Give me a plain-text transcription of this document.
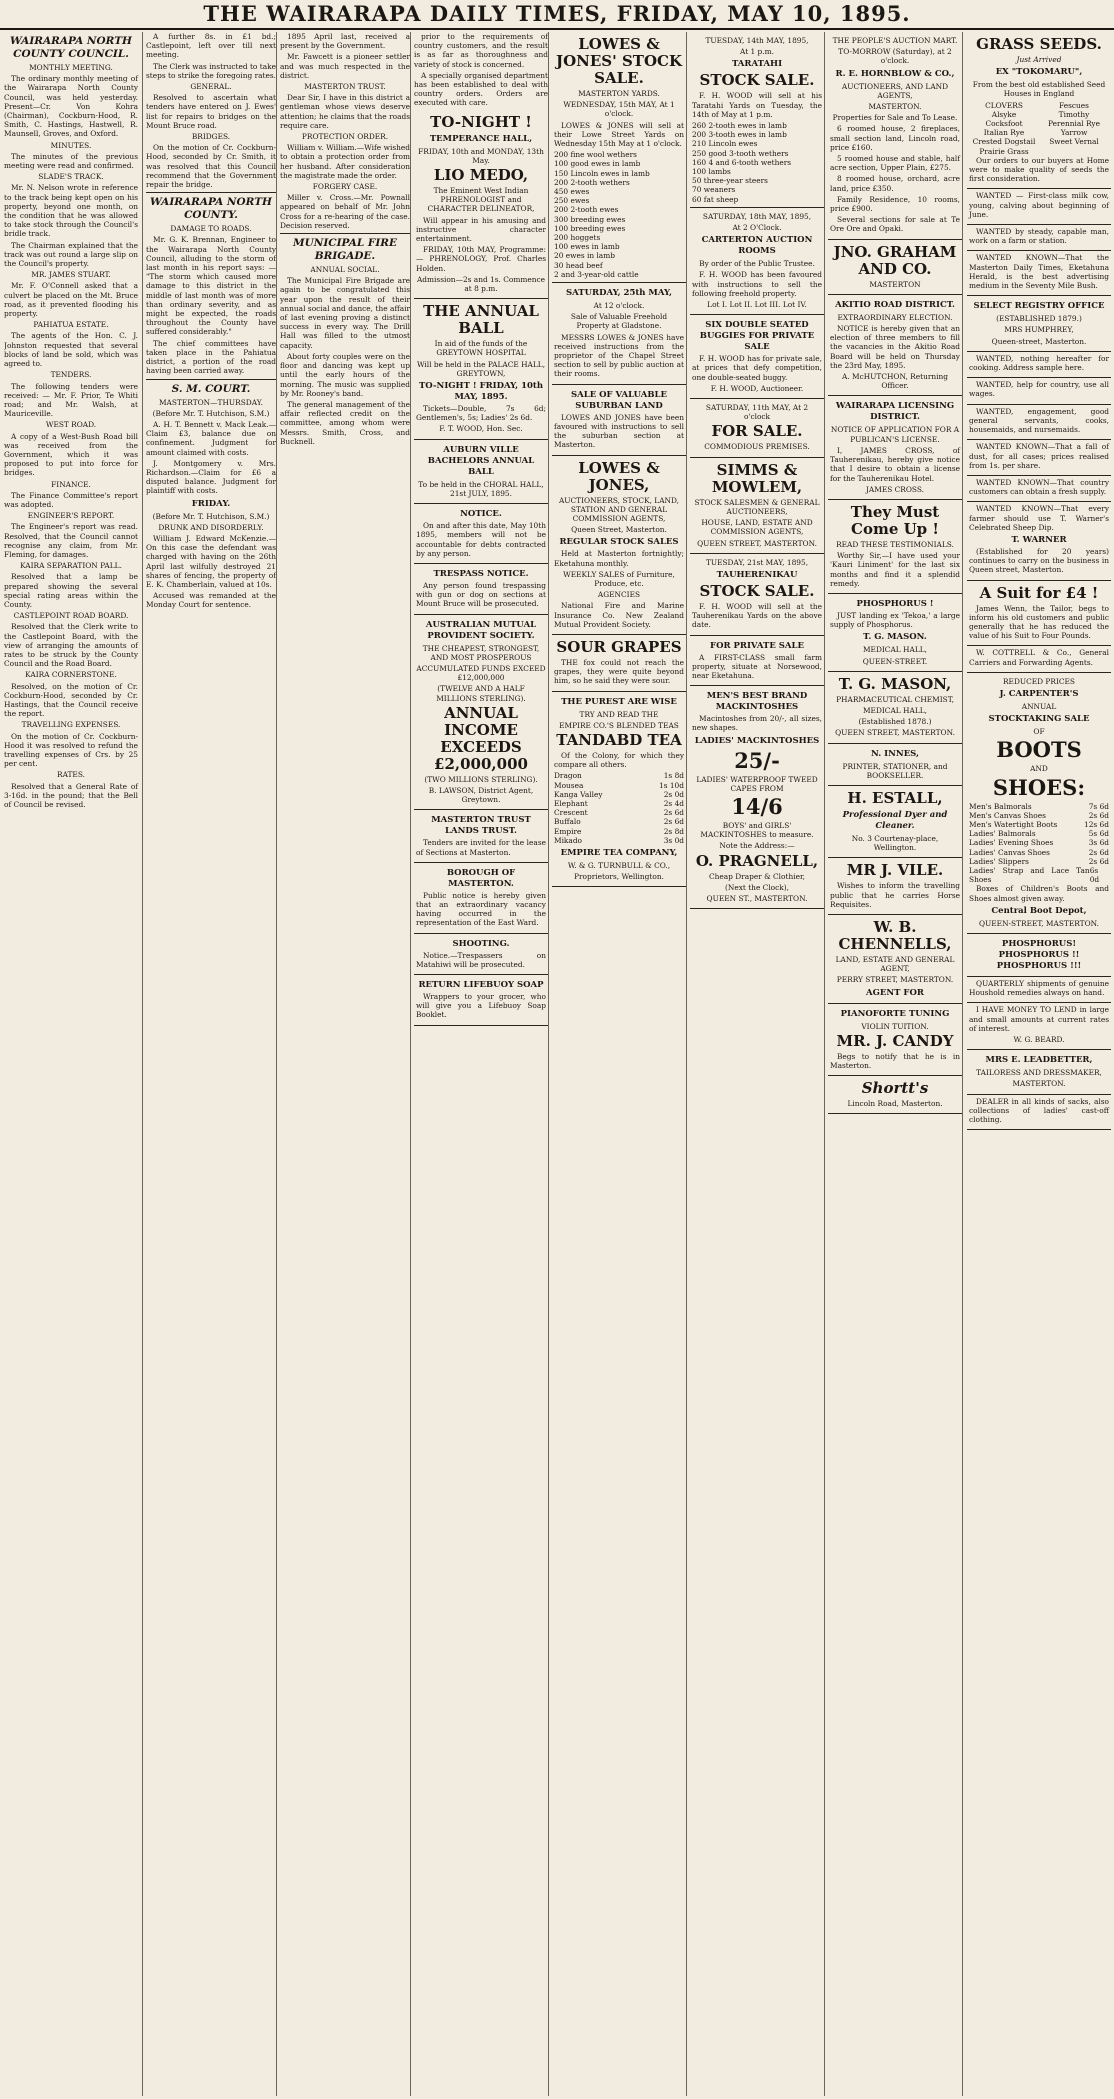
THE WAIRARAPA DAILY TIMES, FRIDAY, MAY 10, 1895.
WAIRARAPA NORTH COUNTY COUNCIL.
MONTHLY MEETING.

The ordinary monthly meeting of the Wairarapa North County Council, was held yesterday. Present—Cr. Von Kohra (Chairman), Cockburn-Hood, R. Smith, C. Hastings, Hastwell, R. Maunsell, Groves, and Oxford.

MINUTES.

The minutes of the previous meeting were read and confirmed.

SLADE'S TRACK.

Mr. N. Nelson wrote in reference to the track being kept open on his property, beyond one month, on the condition that he was allowed to take stock through the Council's bridle track.

The Chairman explained that the track was out round a large slip on the Council's property.

MR. JAMES STUART.

Mr. F. O'Connell asked that a culvert be placed on the Mt. Bruce road, as it prevented flooding his property.

PAHIATUA ESTATE.

The agents of the Hon. C. J. Johnston requested that several blocks of land be sold, which was agreed to.

TENDERS.

The following tenders were received: — Mr. F. Prior, Te Whiti road; and Mr. Walsh, at Mauriceville.

WEST ROAD.

A copy of a West-Bush Road bill was received from the Government, which it was proposed to put into force for bridges.

FINANCE.

The Finance Committee's report was adopted.

ENGINEER'S REPORT.

The Engineer's report was read. Resolved, that the Council cannot recognise any claim, from Mr. Fleming, for damages.

KAIRA SEPARATION PALL.

Resolved that a lamp be prepared showing the several special rating areas within the County.

CASTLEPOINT ROAD BOARD.

Resolved that the Clerk write to the Castlepoint Board, with the view of arranging the amounts of rates to be struck by the County Council and the Road Board.

KAIRA CORNERSTONE.

Resolved, on the motion of Cr. Cockburn-Hood, seconded by Cr. Hastings, that the Council receive the report.

TRAVELLING EXPENSES.

On the motion of Cr. Cockburn-Hood it was resolved to refund the travelling expenses of Crs. by 25 per cent.

RATES.

Resolved that a General Rate of 3-16d. in the pound; that the Bell of Council be revised.

A further 8s. in £1 bd.; Castlepoint, left over till next meeting.

The Clerk was instructed to take steps to strike the foregoing rates.

GENERAL.

Resolved to ascertain what tenders have entered on J. Ewes' list for repairs to bridges on the Mount Bruce road.

BRIDGES.

On the motion of Cr. Cockburn-Hood, seconded by Cr. Smith, it was resolved that this Council recommend that the Government repair the bridge.

WAIRARAPA NORTH COUNTY.
DAMAGE TO ROADS.

Mr. G. K. Brennan, Engineer to the Wairarapa North County Council, alluding to the storm of last month in his report says: — "The storm which caused more damage to this district in the middle of last month was of more than ordinary severity, and as might be expected, the roads throughout the County have suffered considerably."

The chief committees have taken place in the Pahiatua district, a portion of the road having been carried away.

S. M. COURT.
MASTERTON—THURSDAY.
(Before Mr. T. Hutchison, S.M.)

A. H. T. Bennett v. Mack Leak.—Claim £3, balance due on confinement. Judgment for amount claimed with costs.

J. Montgomery v. Mrs. Richardson.—Claim for £6 a disputed balance. Judgment for plaintiff with costs.

FRIDAY.
(Before Mr. T. Hutchison, S.M.)
DRUNK AND DISORDERLY.

William J. Edward McKenzie.—On this case the defendant was charged with having on the 26th April last wilfully destroyed 21 shares of fencing, the property of E. K. Chamberlain, valued at 10s.

Accused was remanded at the Monday Court for sentence.

1895 April last, received a present by the Government.

Mr. Fawcett is a pioneer settler and was much respected in the district.

MASTERTON TRUST.

Dear Sir, I have in this district a gentleman whose views deserve attention; he claims that the roads require care.

PROTECTION ORDER.

William v. William.—Wife wished to obtain a protection order from her husband. After consideration the magistrate made the order.

FORGERY CASE.

Miller v. Cross.—Mr. Pownall appeared on behalf of Mr. John Cross for a re-hearing of the case. Decision reserved.

MUNICIPAL FIRE BRIGADE.
ANNUAL SOCIAL.

The Municipal Fire Brigade are again to be congratulated this year upon the result of their annual social and dance, the affair of last evening proving a distinct success in every way. The Drill Hall was filled to the utmost capacity.

About forty couples were on the floor and dancing was kept up until the early hours of the morning. The music was supplied by Mr. Rooney's band.

The general management of the affair reflected credit on the committee, among whom were Messrs. Smith, Cross, and Bucknell.

prior to the requirements of country customers, and the result is as far as thoroughness and variety of stock is concerned.

A specially organised department has been established to deal with country orders. Orders are executed with care.

TO-NIGHT !
TEMPERANCE HALL,
FRIDAY, 10th and MONDAY, 13th May.
LIO MEDO,
The Eminent West Indian PHRENOLOGIST and CHARACTER DELINEATOR,

Will appear in his amusing and instructive character entertainment.

FRIDAY, 10th MAY, Programme: — PHRENOLOGY, Prof. Charles Holden.

Admission—2s and 1s. Commence at 8 p.m.
THE ANNUAL BALL
In aid of the funds of the GREYTOWN HOSPITAL
Will be held in the PALACE HALL, GREYTOWN,
TO-NIGHT ! FRIDAY, 10th MAY, 1895.

Tickets—Double, 7s 6d; Gentlemen's, 5s; Ladies' 2s 6d.

F. T. WOOD, Hon. Sec.
AUBURN VILLE BACHELORS ANNUAL BALL
To be held in the CHORAL HALL, 21st JULY, 1895.
NOTICE.

On and after this date, May 10th 1895, members will not be accountable for debts contracted by any person.

TRESPASS NOTICE.

Any person found trespassing with gun or dog on sections at Mount Bruce will be prosecuted.

AUSTRALIAN MUTUAL PROVIDENT SOCIETY.
THE CHEAPEST, STRONGEST, AND MOST PROSPEROUS
ACCUMULATED FUNDS EXCEED £12,000,000
(TWELVE AND A HALF MILLIONS STERLING).
ANNUAL INCOME EXCEEDS £2,000,000
(TWO MILLIONS STERLING).
B. LAWSON, District Agent, Greytown.
MASTERTON TRUST LANDS TRUST.

Tenders are invited for the lease of Sections at Masterton.

BOROUGH OF MASTERTON.

Public notice is hereby given that an extraordinary vacancy having occurred in the representation of the East Ward.

SHOOTING.

Notice.—Trespassers on Matahiwi will be prosecuted.

RETURN LIFEBUOY SOAP

Wrappers to your grocer, who will give you a Lifebuoy Soap Booklet.

LOWES & JONES' STOCK SALE.
MASTERTON YARDS.
WEDNESDAY, 15th MAY, At 1 o'clock.

LOWES & JONES will sell at their Lowe Street Yards on Wednesday 15th May at 1 o'clock.

200 fine wool wethers
100 good ewes in lamb
150 Lincoln ewes in lamb
200 2-tooth wethers
450 ewes
250 ewes
200 2-tooth ewes
300 breeding ewes
100 breeding ewes
200 hoggets
100 ewes in lamb
20 ewes in lamb
30 head beef
2 and 3-year-old cattle
SATURDAY, 25th MAY,
At 12 o'clock.
Sale of Valuable Freehold Property at Gladstone.

MESSRS LOWES & JONES have received instructions from the proprietor of the Chapel Street section to sell by public auction at their rooms.

SALE OF VALUABLE SUBURBAN LAND

LOWES AND JONES have been favoured with instructions to sell the suburban section at Masterton.

LOWES & JONES,
AUCTIONEERS, STOCK, LAND, STATION AND GENERAL COMMISSION AGENTS,
Queen Street, Masterton.
REGULAR STOCK SALES

Held at Masterton fortnightly; Eketahuna monthly.

WEEKLY SALES of Furniture, Produce, etc.
AGENCIES

National Fire and Marine Insurance Co. New Zealand Mutual Provident Society.

SOUR GRAPES

THE fox could not reach the grapes, they were quite beyond him, so he said they were sour.

THE PUREST ARE WISE
TRY AND READ THE
EMPIRE CO.'S BLENDED TEAS
TANDABD TEA

Of the Colony, for which they compare all others.

Dragon	1s 8d
Mousea	1s 10d
Kanga Valley	2s 0d
Elephant	2s 4d
Crescent	2s 6d
Buffalo	2s 6d
Empire	2s 8d
Mikado	3s 0d
EMPIRE TEA COMPANY,
W. & G. TURNBULL & CO.,
Proprietors, Wellington.
TUESDAY, 14th MAY, 1895,
At 1 p.m.
TARATAHI
STOCK SALE.

F. H. WOOD will sell at his Taratahi Yards on Tuesday, the 14th of May at 1 p.m.

260 2-tooth ewes in lamb
200 3-tooth ewes in lamb
210 Lincoln ewes
250 good 3-tooth wethers
160 4 and 6-tooth wethers
100 lambs
50 three-year steers
70 weaners
60 fat sheep
SATURDAY, 18th MAY, 1895,
At 2 O'Clock.
CARTERTON AUCTION ROOMS
By order of the Public Trustee.

F. H. WOOD has been favoured with instructions to sell the following freehold property.

Lot I. Lot II. Lot III. Lot IV.
SIX DOUBLE SEATED BUGGIES FOR PRIVATE SALE

F. H. WOOD has for private sale, at prices that defy competition, one double-seated buggy.

F. H. WOOD, Auctioneer.
SATURDAY, 11th MAY, At 2 o'clock
FOR SALE.
COMMODIOUS PREMISES.
SIMMS & MOWLEM,
STOCK SALESMEN & GENERAL AUCTIONEERS,
HOUSE, LAND, ESTATE AND COMMISSION AGENTS,
QUEEN STREET, MASTERTON.
TUESDAY, 21st MAY, 1895,
TAUHERENIKAU
STOCK SALE.

F. H. WOOD will sell at the Tauherenikau Yards on the above date.

FOR PRIVATE SALE

A FIRST-CLASS small farm property, situate at Norsewood, near Eketahuna.

MEN'S BEST BRAND MACKINTOSHES

Macintoshes from 20/-, all sizes, new shapes.

LADIES' MACKINTOSHES
25/-
LADIES' WATERPROOF TWEED CAPES FROM
14/6
BOYS' and GIRLS' MACKINTOSHES to measure.
Note the Address:—
O. PRAGNELL,
Cheap Draper & Clothier,
(Next the Clock),
QUEEN ST., MASTERTON.
THE PEOPLE'S AUCTION MART.
TO-MORROW (Saturday), at 2 o'clock.
R. E. HORNBLOW & CO.,
AUCTIONEERS, AND LAND AGENTS,
MASTERTON.
Properties for Sale and To Lease.

6 roomed house, 2 fireplaces, small section land, Lincoln road, price £160.

5 roomed house and stable, half acre section, Upper Plain, £275.

8 roomed house, orchard, acre land, price £350.

Family Residence, 10 rooms, price £900.

Several sections for sale at Te Ore Ore and Opaki.

JNO. GRAHAM AND CO.
MASTERTON
AKITIO ROAD DISTRICT.
EXTRAORDINARY ELECTION.

NOTICE is hereby given that an election of three members to fill the vacancies in the Akitio Road Board will be held on Thursday the 23rd May, 1895.

A. McHUTCHON, Returning Officer.
WAIRARAPA LICENSING DISTRICT.
NOTICE OF APPLICATION FOR A PUBLICAN'S LICENSE.

I, JAMES CROSS, of Tauherenikau, hereby give notice that I desire to obtain a license for the Tauherenikau Hotel.

JAMES CROSS.
They Must Come Up !
READ THESE TESTIMONIALS.

Worthy Sir,—I have used your 'Kauri Liniment' for the last six months and find it a splendid remedy.

PHOSPHORUS !

JUST landing ex 'Tekoa,' a large supply of Phosphorus.

T. G. MASON.
MEDICAL HALL,
QUEEN-STREET.
T. G. MASON,
PHARMACEUTICAL CHEMIST,
MEDICAL HALL,
(Established 1878.)
QUEEN STREET, MASTERTON.
N. INNES,
PRINTER, STATIONER, and BOOKSELLER.
H. ESTALL,
Professional Dyer and Cleaner.
No. 3 Courtenay-place, Wellington.
MR J. VILE.

Wishes to inform the travelling public that he carries Horse Requisites.

W. B. CHENNELLS,
LAND, ESTATE AND GENERAL AGENT,
PERRY STREET, MASTERTON.
AGENT FOR
PIANOFORTE TUNING
VIOLIN TUITION.
MR. J. CANDY

Begs to notify that he is in Masterton.

Shortt's
Lincoln Road, Masterton.
GRASS SEEDS.
Just Arrived
EX "TOKOMARU",
From the best old established Seed Houses in England
CLOVERS	Fescues
Alsyke	Timothy
Cocksfoot	Perennial Rye
Italian Rye	Yarrow
Crested Dogstail	Sweet Vernal
Prairie Grass

Our orders to our buyers at Home were to make quality of seeds the first consideration.

WANTED — First-class milk cow, young, calving about beginning of June.

WANTED by steady, capable man, work on a farm or station.

WANTED KNOWN—That the Masterton Daily Times, Eketahuna Herald, is the best advertising medium in the Seventy Mile Bush.

SELECT REGISTRY OFFICE
(ESTABLISHED 1879.)
MRS HUMPHREY,
Queen-street, Masterton.

WANTED, nothing hereafter for cooking. Address sample here.

WANTED, help for country, use all wages.

WANTED, engagement, good general servants, cooks, housemaids, and nursemaids.

WANTED KNOWN—That a fall of dust, for all cases; prices realised from 1s. per share.

WANTED KNOWN—That country customers can obtain a fresh supply.

WANTED KNOWN—That every farmer should use T. Warner's Celebrated Sheep Dip.

T. WARNER

(Established for 20 years) continues to carry on the business in Queen street, Masterton.

A Suit for £4 !

James Wenn, the Tailor, begs to inform his old customers and public generally that he has reduced the value of his Suit to Four Pounds.

W. COTTRELL & Co., General Carriers and Forwarding Agents.

REDUCED PRICES
J. CARPENTER'S
ANNUAL
STOCKTAKING SALE
OF
BOOTS
AND
SHOES:
Men's Balmorals	7s 6d
Men's Canvas Shoes	2s 6d
Men's Watertight Boots	12s 6d
Ladies' Balmorals	5s 6d
Ladies' Evening Shoes	3s 6d
Ladies' Canvas Shoes	2s 6d
Ladies' Slippers	2s 6d
Ladies' Strap and Lace Tan Shoes
6s 0d

Boxes of Children's Boots and Shoes almost given away.

Central Boot Depot,
QUEEN-STREET, MASTERTON.
PHOSPHORUS! PHOSPHORUS !! PHOSPHORUS !!!

QUARTERLY shipments of genuine Houshold remedies always on hand.

I HAVE MONEY TO LEND in large and small amounts at current rates of interest.

W. G. BEARD.
MRS E. LEADBETTER,
TAILORESS AND DRESSMAKER,
MASTERTON.

DEALER in all kinds of sacks, also collections of ladies' cast-off clothing.
